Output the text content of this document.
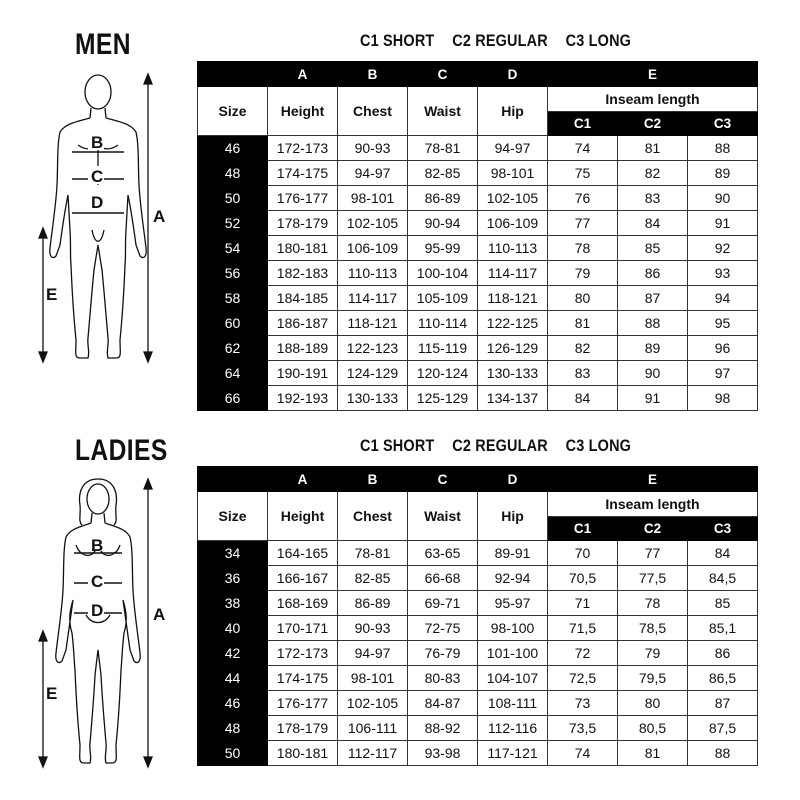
MEN	C1 SHORT C2 REGULAR C3 LONG
B
C
D
A
E
	A	B	C	D	E		
Size	Height	Chest	Waist	Hip	Inseam length		
					C1	C2	C3
46	172-173	90-93	78-81	94-97	74	81	88
48	174-175	94-97	82-85	98-101	75	82	89
50	176-177	98-101	86-89	102-105	76	83	90
52	178-179	102-105	90-94	106-109	77	84	91
54	180-181	106-109	95-99	110-113	78	85	92
56	182-183	110-113	100-104	114-117	79	86	93
58	184-185	114-117	105-109	118-121	80	87	94
60	186-187	118-121	110-114	122-125	81	88	95
62	188-189	122-123	115-119	126-129	82	89	96
64	190-191	124-129	120-124	130-133	83	90	97
66	192-193	130-133	125-129	134-137	84	91	98
LADIES	C1 SHORT C2 REGULAR C3 LONG
B
C
D	A
E
	A	B	C	D	E		
Size	Height	Chest	Waist	Hip	Inseam length		
					C1	C2	C3
34	164-165	78-81	63-65	89-91	70	77	84
36	166-167	82-85	66-68	92-94	70,5	77,5	84,5
38	168-169	86-89	69-71	95-97	71	78	85
40	170-171	90-93	72-75	98-100	71,5	78,5	85,1
42	172-173	94-97	76-79	101-100	72	79	86
44	174-175	98-101	80-83	104-107	72,5	79,5	86,5
46	176-177	102-105	84-87	108-111	73	80	87
48	178-179	106-111	88-92	112-116	73,5	80,5	87,5
50	180-181	112-117	93-98	117-121	74	81	88
